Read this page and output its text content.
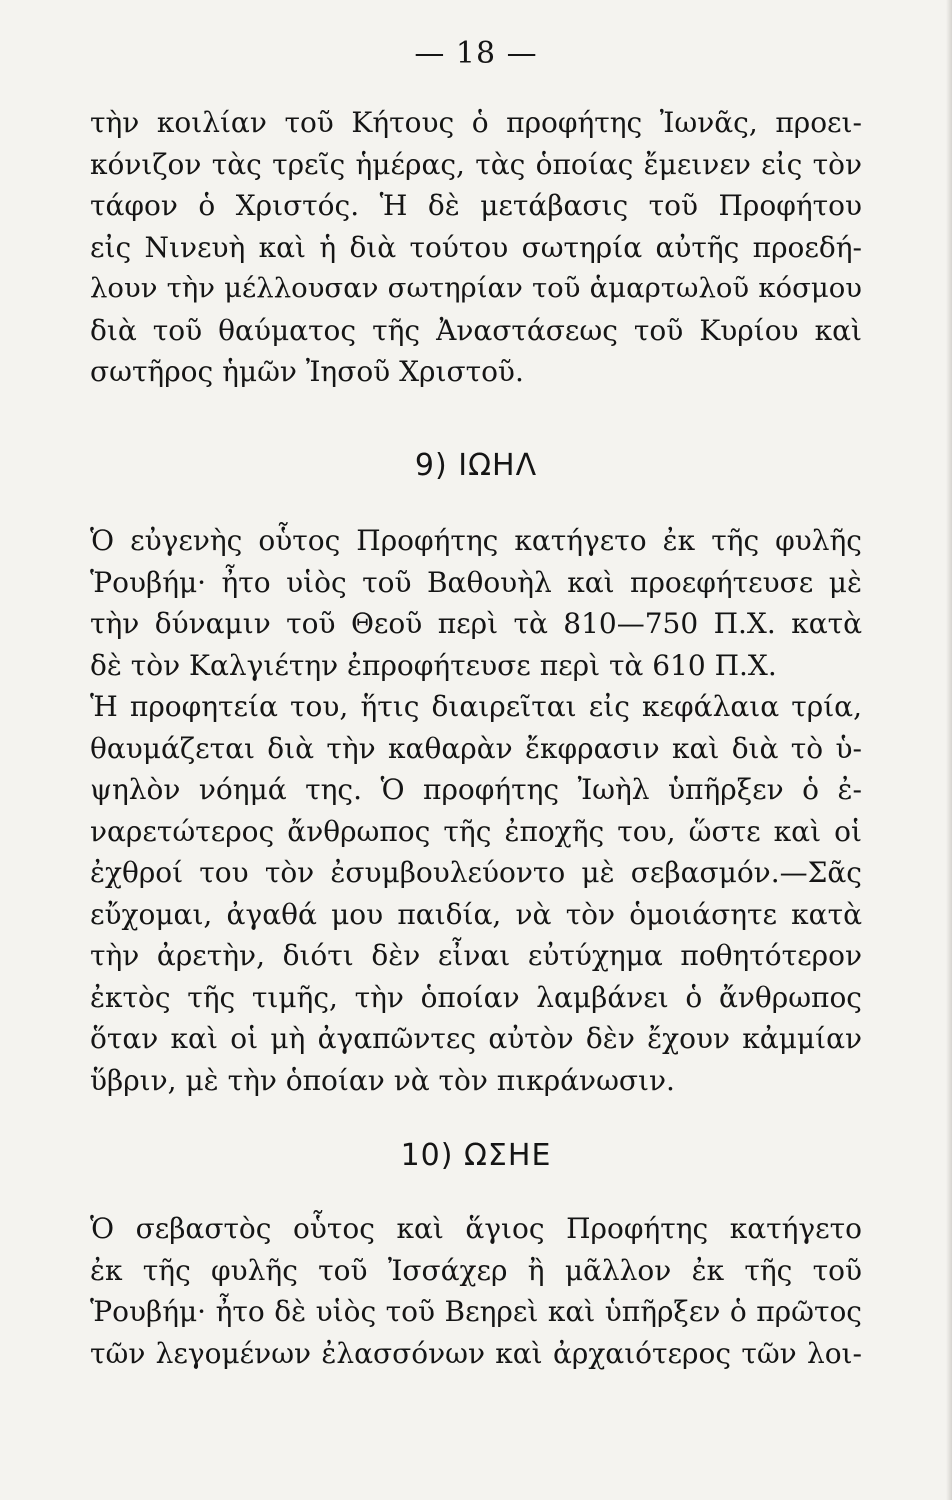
— 18 —
τὴν κοιλίαν τοῦ Κήτους ὁ προφήτης Ἰωνᾶς, προει-
κόνιζον τὰς τρεῖς ἡμέρας, τὰς ὁποίας ἔμεινεν εἰς τὸν
τάφον ὁ Χριστός. Ἡ δὲ μετάβασις τοῦ Προφήτου
εἰς Νινευὴ καὶ ἡ διὰ τούτου σωτηρία αὐτῆς προεδή-
λουν τὴν μέλλουσαν σωτηρίαν τοῦ ἁμαρτωλοῦ κόσμου
διὰ τοῦ θαύματος τῆς Ἀναστάσεως τοῦ Κυρίου καὶ
σωτῆρος ἡμῶν Ἰησοῦ Χριστοῦ.
9) ΙΩΗΛ
Ὁ εὐγενὴς οὗτος Προφήτης κατήγετο ἐκ τῆς φυλῆς
Ῥουβήμ· ἦτο υἱὸς τοῦ Βαθουὴλ καὶ προεφήτευσε μὲ
τὴν δύναμιν τοῦ Θεοῦ περὶ τὰ 810—750 Π.Χ. κατὰ
δὲ τὸν Καλγιέτην ἐπροφήτευσε περὶ τὰ 610 Π.Χ.
Ἡ προφητεία του, ἥτις διαιρεῖται εἰς κεφάλαια τρία,
θαυμάζεται διὰ τὴν καθαρὰν ἔκφρασιν καὶ διὰ τὸ ὑ-
ψηλὸν νόημά της. Ὁ προφήτης Ἰωὴλ ὑπῆρξεν ὁ ἐ-
ναρετώτερος ἄνθρωπος τῆς ἐποχῆς του, ὥστε καὶ οἱ
ἐχθροί του τὸν ἐσυμβουλεύοντο μὲ σεβασμόν.—Σᾶς
εὔχομαι, ἀγαθά μου παιδία, νὰ τὸν ὁμοιάσητε κατὰ
τὴν ἀρετὴν, διότι δὲν εἶναι εὐτύχημα ποθητότερον
ἐκτὸς τῆς τιμῆς, τὴν ὁποίαν λαμβάνει ὁ ἄνθρωπος
ὅταν καὶ οἱ μὴ ἀγαπῶντες αὐτὸν δὲν ἔχουν κἀμμίαν
ὕβριν, μὲ τὴν ὁποίαν νὰ τὸν πικράνωσιν.
10) ΩΣΗΕ
Ὁ σεβαστὸς οὗτος καὶ ἅγιος Προφήτης κατήγετο
ἐκ τῆς φυλῆς τοῦ Ἰσσάχερ ἢ μᾶλλον ἐκ τῆς τοῦ
Ῥουβήμ· ἦτο δὲ υἱὸς τοῦ Βεηρεὶ καὶ ὑπῆρξεν ὁ πρῶτος
τῶν λεγομένων ἐλασσόνων καὶ ἀρχαιότερος τῶν λοι-
